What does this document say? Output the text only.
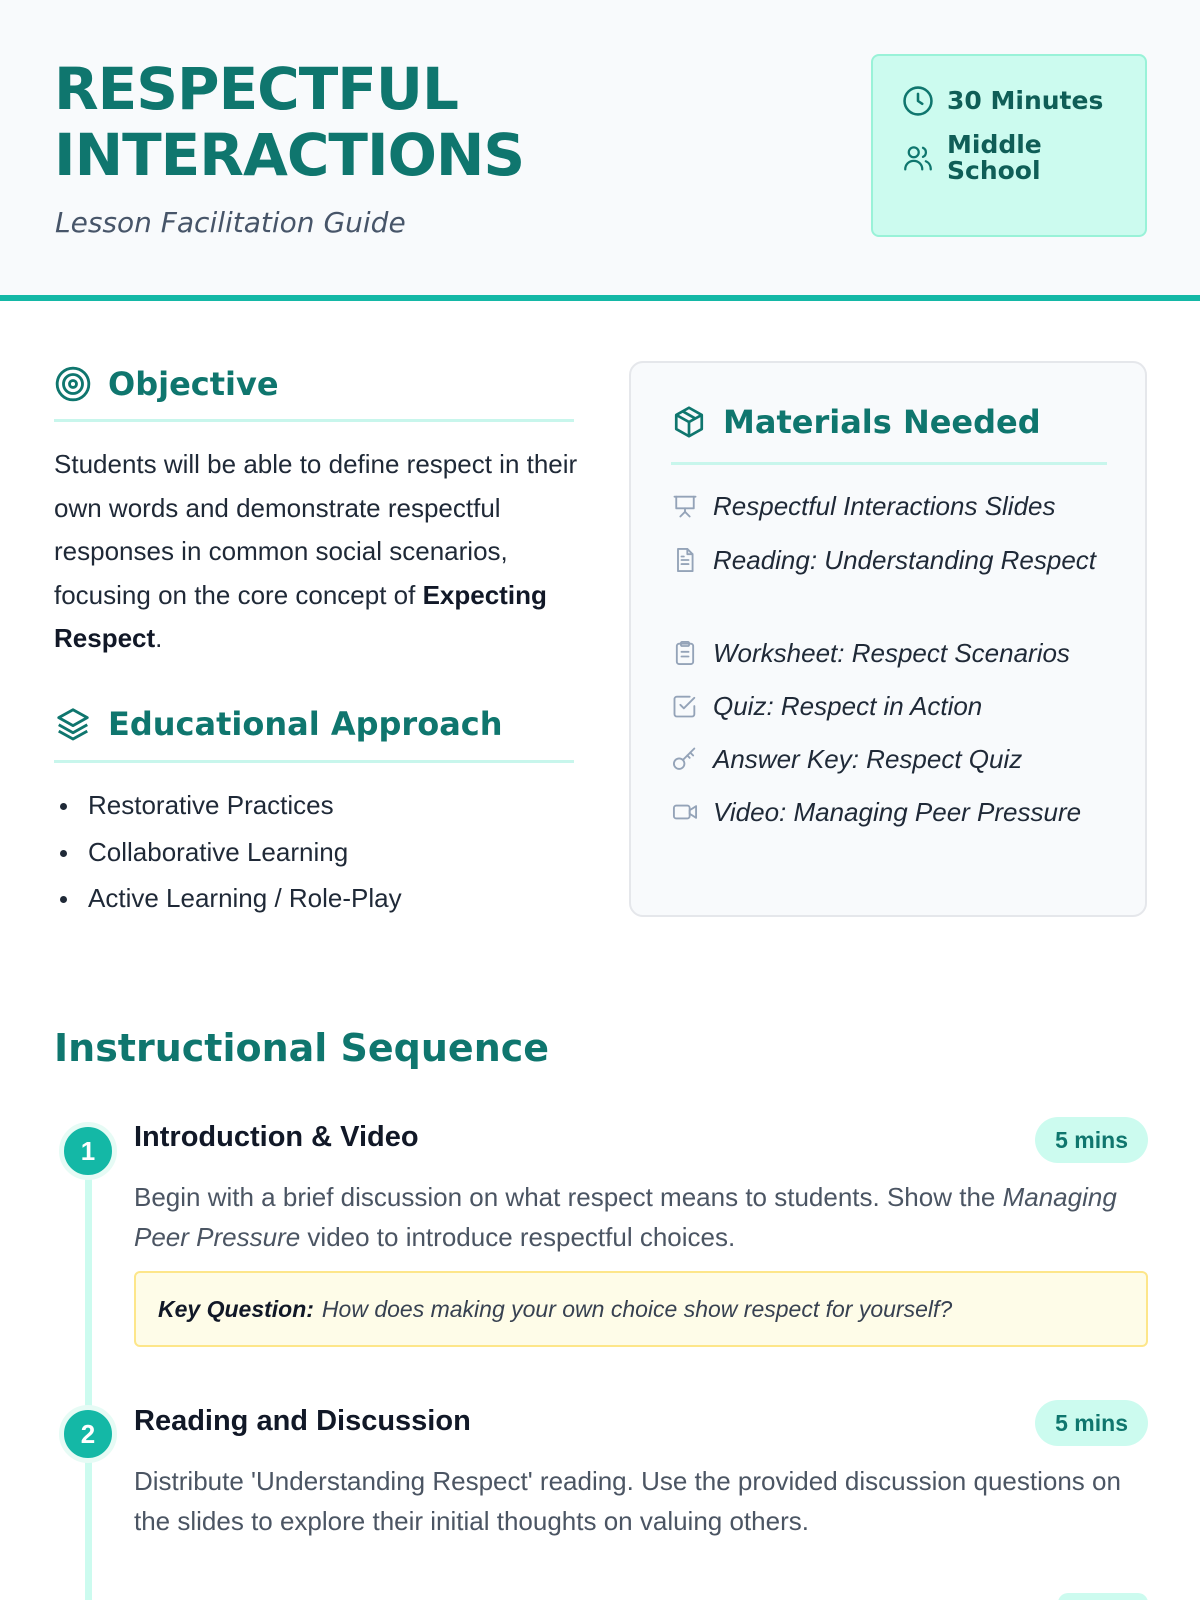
RESPECTFUL
INTERACTIONS
Lesson Facilitation Guide
30 Minutes
Middle
School
Objective

Students will be able to define respect in their own words and demonstrate respectful responses in common social scenarios, focusing on the core concept of Expecting Respect.

Educational Approach
Restorative Practices
Collaborative Learning
Active Learning / Role-Play
Materials Needed
Respectful Interactions Slides
Reading: Understanding Respect
Worksheet: Respect Scenarios
Quiz: Respect in Action
Answer Key: Respect Quiz
Video: Managing Peer Pressure
Instructional Sequence
1	Introduction & Video	5 mins

Begin with a brief discussion on what respect means to students. Show the Managing Peer Pressure video to introduce respectful choices.

Key Question: How does making your own choice show respect for yourself?
2	Reading and Discussion	5 mins

Distribute 'Understanding Respect' reading. Use the provided discussion questions on the slides to explore their initial thoughts on valuing others.
